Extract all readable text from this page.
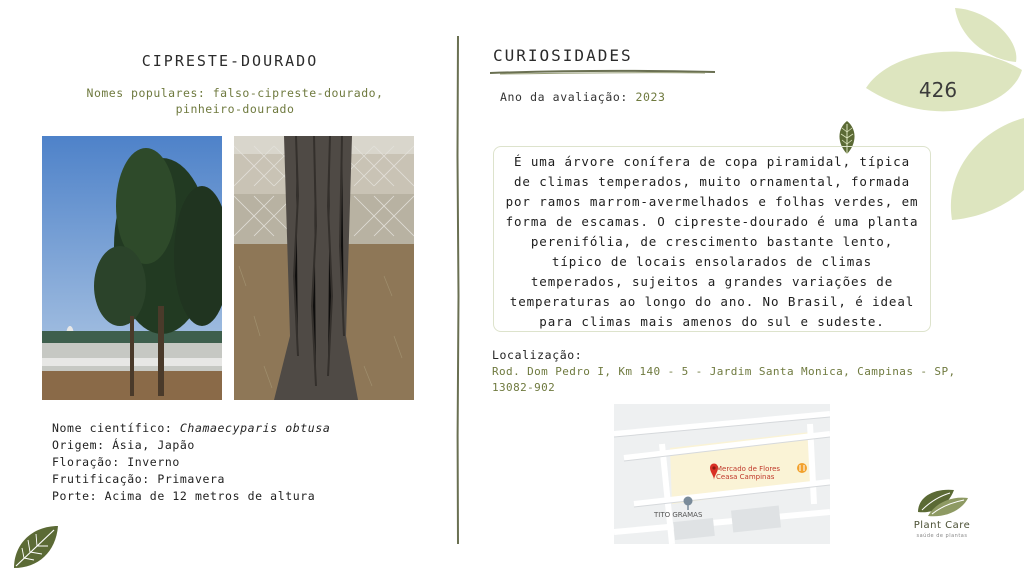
CIPRESTE-DOURADO
Nomes populares: falso-cipreste-dourado, pinheiro-dourado
Nome científico: Chamaecyparis obtusa
Origem: Ásia, Japão
Floração: Inverno
Frutificação: Primavera
Porte: Acima de 12 metros de altura
CURIOSIDADES
Ano da avaliação: 2023
É uma árvore conífera de copa piramidal, típica de climas temperados, muito ornamental, formada por ramos marrom-avermelhados e folhas verdes, em forma de escamas. O cipreste-dourado é uma planta perenifólia, de crescimento bastante lento, típico de locais ensolarados de climas temperados, sujeitos a grandes variações de temperaturas ao longo do ano. No Brasil, é ideal para climas mais amenos do sul e sudeste.
Localização:
Rod. Dom Pedro I, Km 140 - 5 - Jardim Santa Monica, Campinas - SP, 13082-902
Mercado de Flores
Ceasa Campinas
TITO GRAMAS
426
Plant Care
saúde de plantas
